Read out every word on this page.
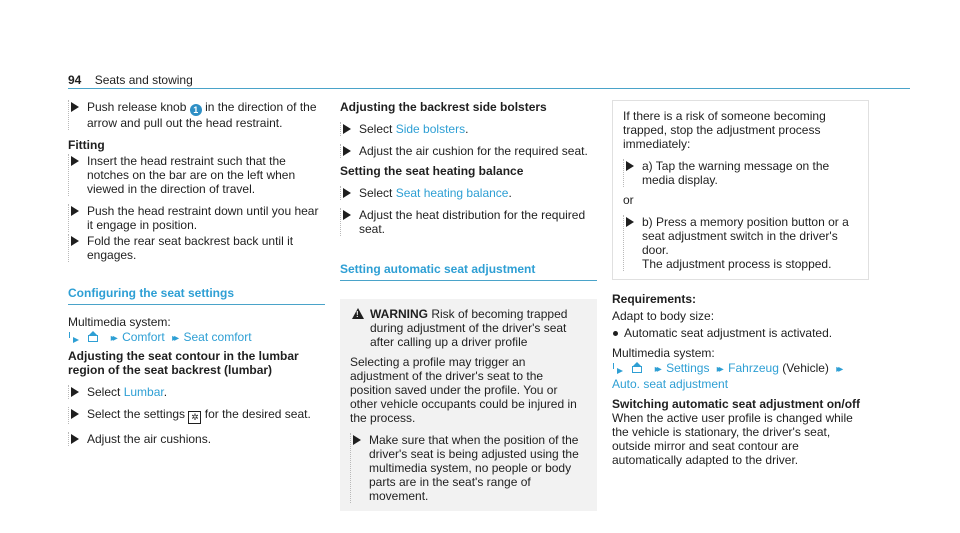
94 Seats and stowing
Push release knob 1 in the direction of the arrow and pull out the head restraint.
Fitting
Insert the head restraint such that the notches on the bar are on the left when viewed in the direction of travel.
Push the head restraint down until you hear it engage in position.
Fold the rear seat backrest back until it engages.
Configuring the seat settings
Multimedia system:
▸▸ Comfort ▸▸ Seat comfort
Adjusting the seat contour in the lumbar region of the seat backrest (lumbar)
Select Lumbar.
Select the settings ✲ for the desired seat.
Adjust the air cushions.
Adjusting the backrest side bolsters
Select Side bolsters.
Adjust the air cushion for the required seat.
Setting the seat heating balance
Select Seat heating balance.
Adjust the heat distribution for the required seat.
Setting automatic seat adjustment
! WARNING Risk of becoming trapped during adjustment of the driver's seat after calling up a driver profile

Selecting a profile may trigger an adjustment of the driver's seat to the position saved under the profile. You or other vehicle occupants could be injured in the process.

Make sure that when the position of the driver's seat is being adjusted using the multimedia system, no people or body parts are in the seat's range of movement.
If there is a risk of someone becoming trapped, stop the adjustment process immediately:
a) Tap the warning message on the media display.
or
b) Press a memory position button or a seat adjustment switch in the driver's door.
The adjustment process is stopped.
Requirements:
Adapt to body size:
Automatic seat adjustment is activated.
Multimedia system:
▸▸ Settings ▸▸ Fahrzeug (Vehicle) ▸▸ Auto. seat adjustment
Switching automatic seat adjustment on/off
When the active user profile is changed while the vehicle is stationary, the driver's seat, outside mirror and seat contour are automatically adapted to the driver.
